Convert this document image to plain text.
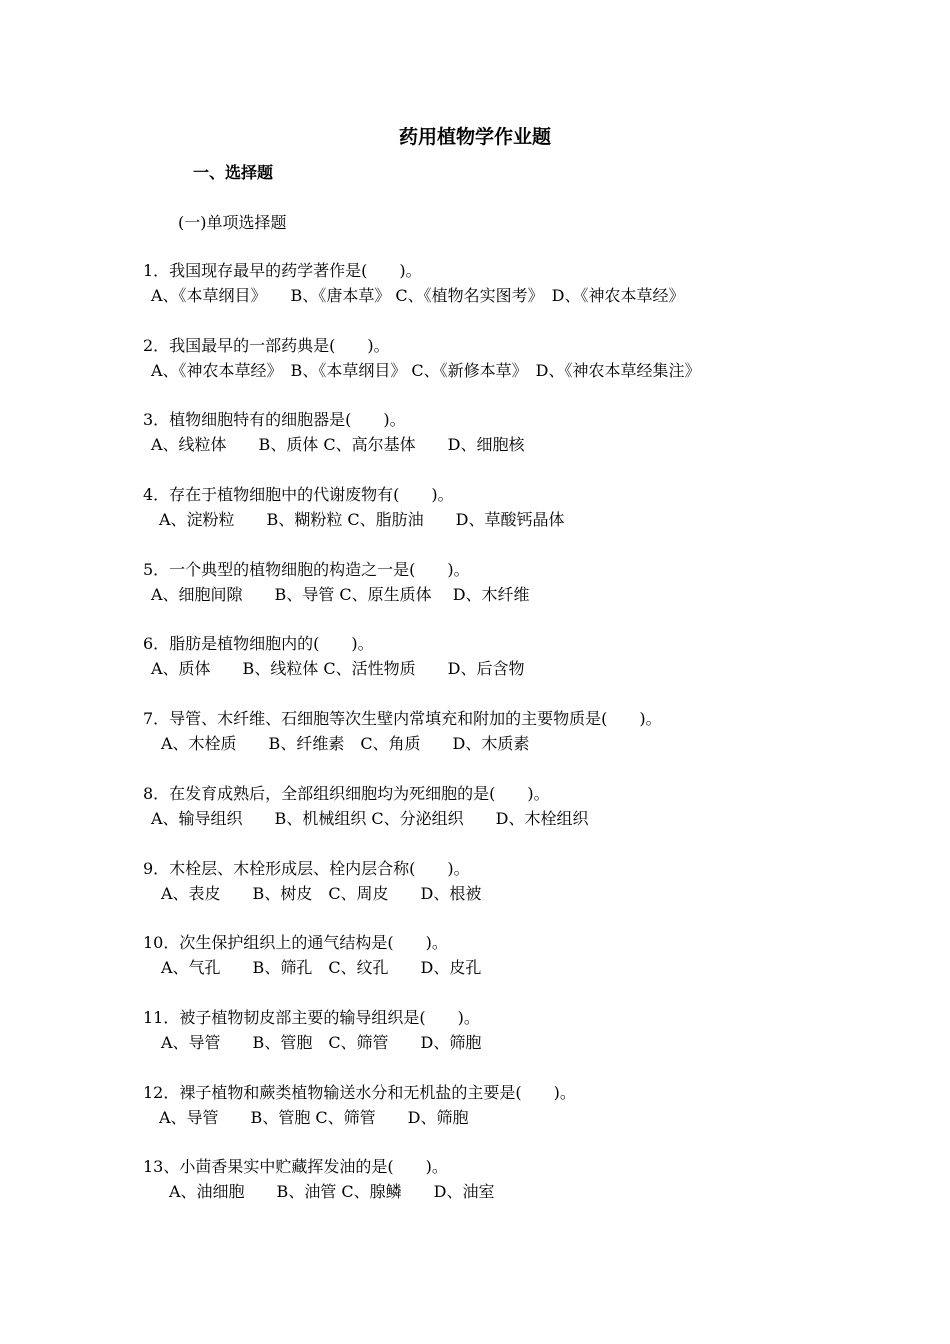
药用植物学作业题
一、选择题
(一)单项选择题
1．我国现存最早的药学著作是(　　)。
A、《本草纲目》　　B、《唐本草》 C、《植物名实图考》　D、《神农本草经》
2．我国最早的一部药典是(　　)。
A、《神农本草经》　B、《本草纲目》 C、《新修本草》　D、《神农本草经集注》
3．植物细胞特有的细胞器是(　　)。
A、线粒体　　B、质体 C、高尔基体　　D、细胞核
4．存在于植物细胞中的代谢废物有(　　)。
A、淀粉粒　　B、糊粉粒 C、脂肪油　　D、草酸钙晶体
5．一个典型的植物细胞的构造之一是(　　)。
A、细胞间隙　　B、导管 C、原生质体　 D、木纤维
6．脂肪是植物细胞内的(　　)。
A、质体　　B、线粒体 C、活性物质　　D、后含物
7．导管、木纤维、石细胞等次生壁内常填充和附加的主要物质是(　　)。
A、木栓质　　B、纤维素　C、角质　　D、木质素
8．在发育成熟后，全部组织细胞均为死细胞的是(　　)。
A、输导组织　　B、机械组织 C、分泌组织　　D、木栓组织
9．木栓层、木栓形成层、栓内层合称(　　)。
A、表皮　　B、树皮　C、周皮　　D、根被
10．次生保护组织上的通气结构是(　　)。
A、气孔　　B、筛孔　C、纹孔　　D、皮孔
11．被子植物韧皮部主要的输导组织是(　　)。
A、导管　　B、管胞　C、筛管　　D、筛胞
12．裸子植物和蕨类植物输送水分和无机盐的主要是(　　)。
A、导管　　B、管胞 C、筛管　　D、筛胞
13、小茴香果实中贮藏挥发油的是(　　)。
A、油细胞　　B、油管 C、腺鳞　　D、油室
